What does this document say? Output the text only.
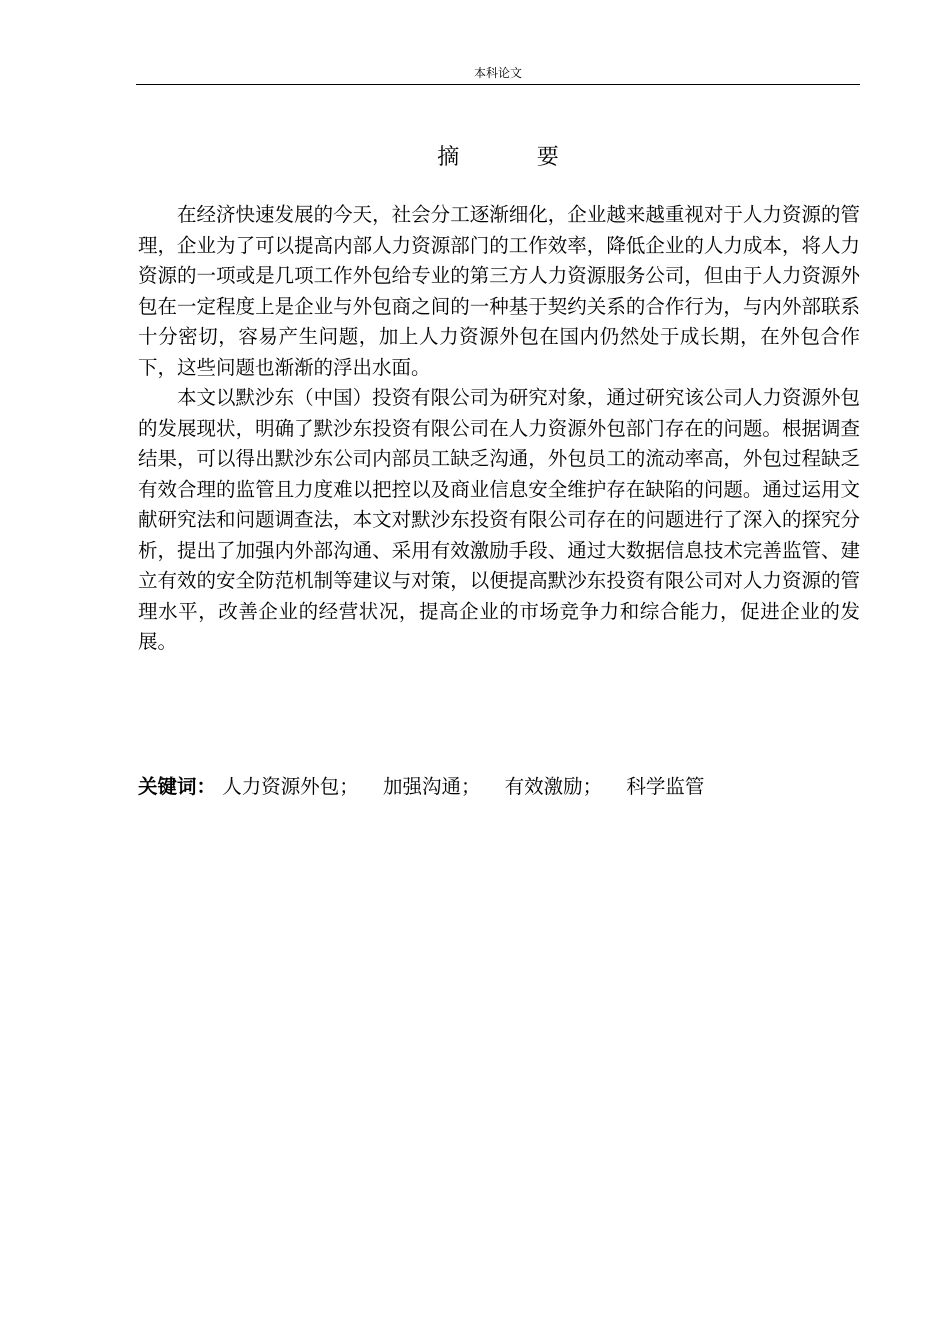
本科论文
摘 要

在经济快速发展的今天，社会分工逐渐细化，企业越来越重视对于人力资源的管理，企业为了可以提高内部人力资源部门的工作效率，降低企业的人力成本，将人力资源的一项或是几项工作外包给专业的第三方人力资源服务公司，但由于人力资源外包在一定程度上是企业与外包商之间的一种基于契约关系的合作行为，与内外部联系十分密切，容易产生问题，加上人力资源外包在国内仍然处于成长期，在外包合作下，这些问题也渐渐的浮出水面。

本文以默沙东（中国）投资有限公司为研究对象，通过研究该公司人力资源外包的发展现状，明确了默沙东投资有限公司在人力资源外包部门存在的问题。根据调查结果，可以得出默沙东公司内部员工缺乏沟通，外包员工的流动率高，外包过程缺乏有效合理的监管且力度难以把控以及商业信息安全维护存在缺陷的问题。通过运用文献研究法和问题调查法，本文对默沙东投资有限公司存在的问题进行了深入的探究分析，提出了加强内外部沟通、采用有效激励手段、通过大数据信息技术完善监管、建立有效的安全防范机制等建议与对策，以便提高默沙东投资有限公司对人力资源的管理水平，改善企业的经营状况，提高企业的市场竞争力和综合能力，促进企业的发展。

关键词： 人力资源外包； 加强沟通； 有效激励； 科学监管
